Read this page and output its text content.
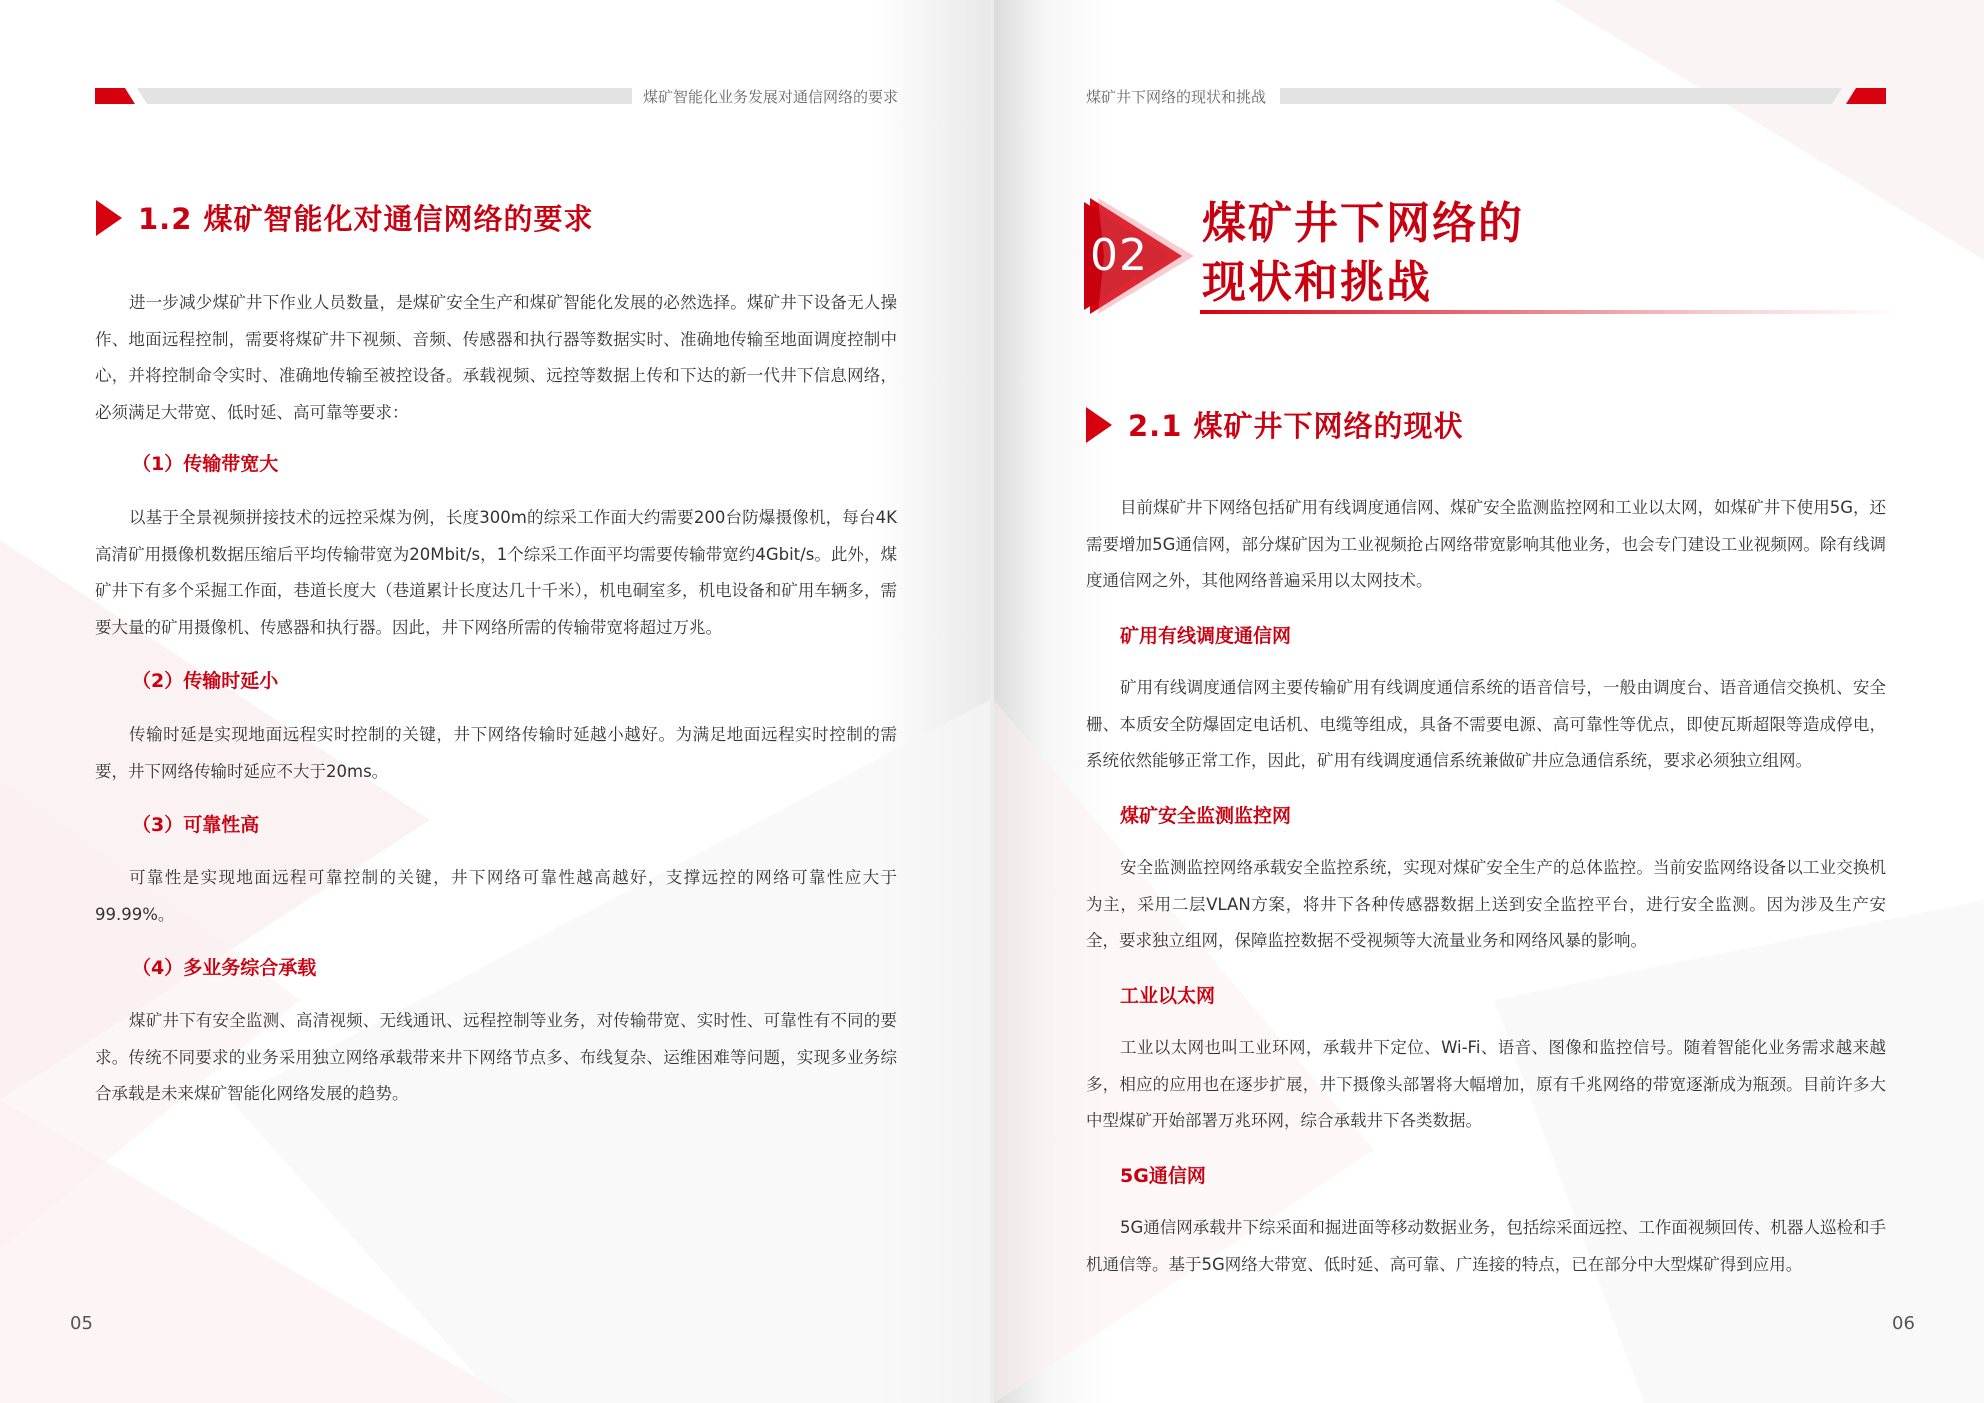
煤矿智能化业务发展对通信网络的要求
1.2 煤矿智能化对通信网络的要求

进一步减少煤矿井下作业人员数量，是煤矿安全生产和煤矿智能化发展的必然选择。煤矿井下设备无人操作、地面远程控制，需要将煤矿井下视频、音频、传感器和执行器等数据实时、准确地传输至地面调度控制中心，并将控制命令实时、准确地传输至被控设备。承载视频、远控等数据上传和下达的新一代井下信息网络，必须满足大带宽、低时延、高可靠等要求：

（1）传输带宽大

以基于全景视频拼接技术的远控采煤为例，长度300m的综采工作面大约需要200台防爆摄像机，每台4K高清矿用摄像机数据压缩后平均传输带宽为20Mbit/s，1个综采工作面平均需要传输带宽约4Gbit/s。此外，煤矿井下有多个采掘工作面，巷道长度大（巷道累计长度达几十千米），机电硐室多，机电设备和矿用车辆多，需要大量的矿用摄像机、传感器和执行器。因此，井下网络所需的传输带宽将超过万兆。

（2）传输时延小

传输时延是实现地面远程实时控制的关键，井下网络传输时延越小越好。为满足地面远程实时控制的需要，井下网络传输时延应不大于20ms。

（3）可靠性高

可靠性是实现地面远程可靠控制的关键，井下网络可靠性越高越好，支撑远控的网络可靠性应大于99.99%。

（4）多业务综合承载

煤矿井下有安全监测、高清视频、无线通讯、远程控制等业务，对传输带宽、实时性、可靠性有不同的要求。传统不同要求的业务采用独立网络承载带来井下网络节点多、布线复杂、运维困难等问题，实现多业务综合承载是未来煤矿智能化网络发展的趋势。

05
煤矿井下网络的现状和挑战
02
煤矿井下网络的
现状和挑战
2.1 煤矿井下网络的现状

目前煤矿井下网络包括矿用有线调度通信网、煤矿安全监测监控网和工业以太网，如煤矿井下使用5G，还需要增加5G通信网，部分煤矿因为工业视频抢占网络带宽影响其他业务，也会专门建设工业视频网。除有线调度通信网之外，其他网络普遍采用以太网技术。

矿用有线调度通信网

矿用有线调度通信网主要传输矿用有线调度通信系统的语音信号，一般由调度台、语音通信交换机、安全栅、本质安全防爆固定电话机、电缆等组成，具备不需要电源、高可靠性等优点，即使瓦斯超限等造成停电，系统依然能够正常工作，因此，矿用有线调度通信系统兼做矿井应急通信系统，要求必须独立组网。

煤矿安全监测监控网

安全监测监控网络承载安全监控系统，实现对煤矿安全生产的总体监控。当前安监网络设备以工业交换机为主，采用二层VLAN方案，将井下各种传感器数据上送到安全监控平台，进行安全监测。因为涉及生产安全，要求独立组网，保障监控数据不受视频等大流量业务和网络风暴的影响。

工业以太网

工业以太网也叫工业环网，承载井下定位、Wi-Fi、语音、图像和监控信号。随着智能化业务需求越来越多，相应的应用也在逐步扩展，井下摄像头部署将大幅增加，原有千兆网络的带宽逐渐成为瓶颈。目前许多大中型煤矿开始部署万兆环网，综合承载井下各类数据。

5G通信网

5G通信网承载井下综采面和掘进面等移动数据业务，包括综采面远控、工作面视频回传、机器人巡检和手机通信等。基于5G网络大带宽、低时延、高可靠、广连接的特点，已在部分中大型煤矿得到应用。

06
